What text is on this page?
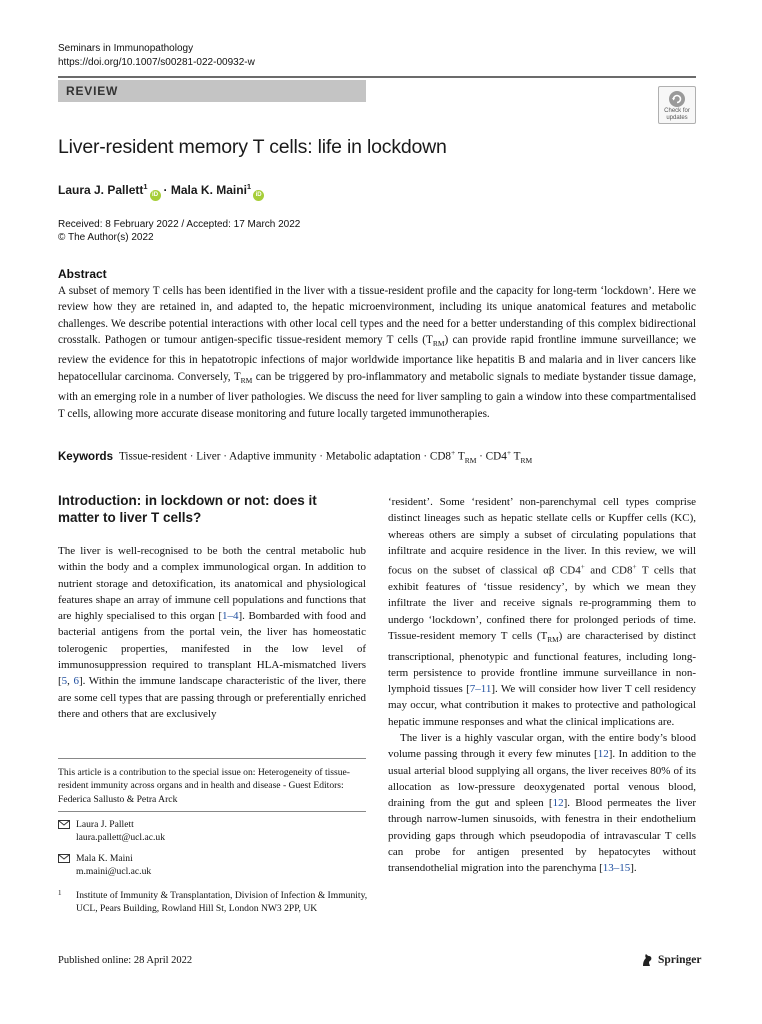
Seminars in Immunopathology
https://doi.org/10.1007/s00281-022-00932-w
REVIEW
Check for updates
Liver-resident memory T cells: life in lockdown
Laura J. Pallett$^1$iD · Mala K. Maini$^1$iD
Received: 8 February 2022 / Accepted: 17 March 2022
© The Author(s) 2022
Abstract
A subset of memory T cells has been identified in the liver with a tissue-resident profile and the capacity for long-term ‘lockdown’. Here we review how they are retained in, and adapted to, the hepatic microenvironment, including its unique anatomical features and metabolic challenges. We describe potential interactions with other local cell types and the need for a better understanding of this complex bidirectional crosstalk. Pathogen or tumour antigen-specific tissue-resident memory T cells $(T_{RM})$ can provide rapid frontline immune surveillance; we review the evidence for this in hepatotropic infections of major worldwide importance like hepatitis B and malaria and in liver cancers like hepatocellular carcinoma. Conversely, $T_{RM}$ can be triggered by pro-inflammatory and metabolic signals to mediate bystander tissue damage, with an emerging role in a number of liver pathologies. We discuss the need for liver sampling to gain a window into these compartmentalised T cells, allowing more accurate disease monitoring and future locally targeted immunotherapies.
Keywords Tissue-resident · Liver · Adaptive immunity · Metabolic adaptation · CD8+ $T_{RM} \cdot CD4^+$ $T_{RM}$
Introduction: in lockdown or not: does it matter to liver T cells?

The liver is well-recognised to be both the central metabolic hub within the body and a complex immunological organ. In addition to nutrient storage and detoxification, its anatomical and physiological features shape an array of immune cell populations and functions that are highly specialised to this organ [1–4]. Bombarded with food and bacterial antigens from the portal vein, the liver has homeostatic tolerogenic properties, manifested in the low level of immunosuppression required to transplant HLA-mismatched livers [5, 6]. Within the immune landscape characteristic of the liver, there are some cell types that are passing through or preferentially enriched there and others that are exclusively

‘resident’. Some ‘resident’ non-parenchymal cell types comprise distinct lineages such as hepatic stellate cells or Kupffer cells (KC), whereas others are simply a subset of circulating populations that infiltrate and acquire residence in the liver. In this review, we will focus on the subset of classical αβ CD4+ and CD8+ T cells that exhibit features of ‘tissue residency’, by which we mean they infiltrate the liver and receive signals re-programming them to undergo ‘lockdown’, confined there for prolonged periods of time. Tissue-resident memory T cells $(T_{RM})$ are characterised by distinct transcriptional, phenotypic and functional features, including long-term persistence to provide frontline immune surveillance in non-lymphoid tissues [7–11]. We will consider how liver T cell residency may occur, what contribution it makes to protective and pathological hepatic immune responses and what the clinical implications are.

The liver is a highly vascular organ, with the entire body’s blood volume passing through it every few minutes [12]. In addition to the usual arterial blood supplying all organs, the liver receives 80% of its allocation as low-pressure deoxygenated portal venous blood, draining from the gut and spleen [12]. Blood permeates the liver through narrow-lumen sinusoids, with fenestra in their endothelium providing gaps through which pseudopodia of intravascular T cells can probe for antigen presented by hepatocytes without transendothelial migration into the parenchyma [13–15].

This article is a contribution to the special issue on: Heterogeneity of tissue-resident immunity across organs and in health and disease - Guest Editors: Federica Sallusto & Petra Arck
Laura J. Pallett
laura.pallett@ucl.ac.uk
Mala K. Maini
m.maini@ucl.ac.uk
1 Institute of Immunity & Transplantation, Division of Infection & Immunity, UCL, Pears Building, Rowland Hill St, London NW3 2PP, UK
Published online: 28 April 2022	Springer
